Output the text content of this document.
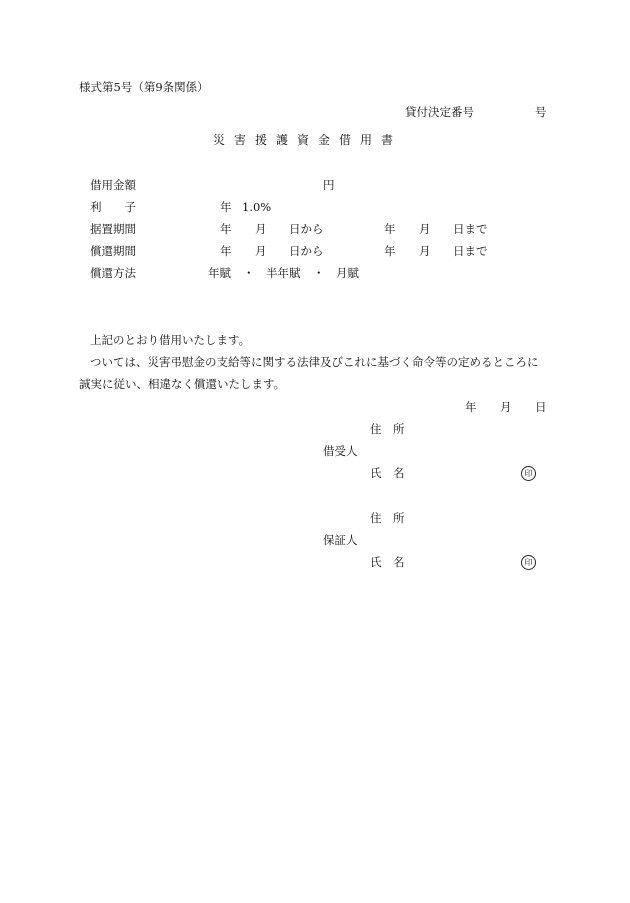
様式第5号（第9条関係）
貸付決定番号	号
災害援護資金借用書
借用金額	円
利　　子	年 1.0%
据置期間	年 月 日から	年 月 日まで
償還期間	年 月 日から	年 月 日まで
償還方法	年賦 ・ 半年賦 ・ 月賦
上記のとおり借用いたします。
ついては、災害弔慰金の支給等に関する法律及びこれに基づく命令等の定めるところに
誠実に従い、相違なく償還いたします。
年 月 日
住　所
借受人
氏　名	印
住　所
保証人
氏　名	印
